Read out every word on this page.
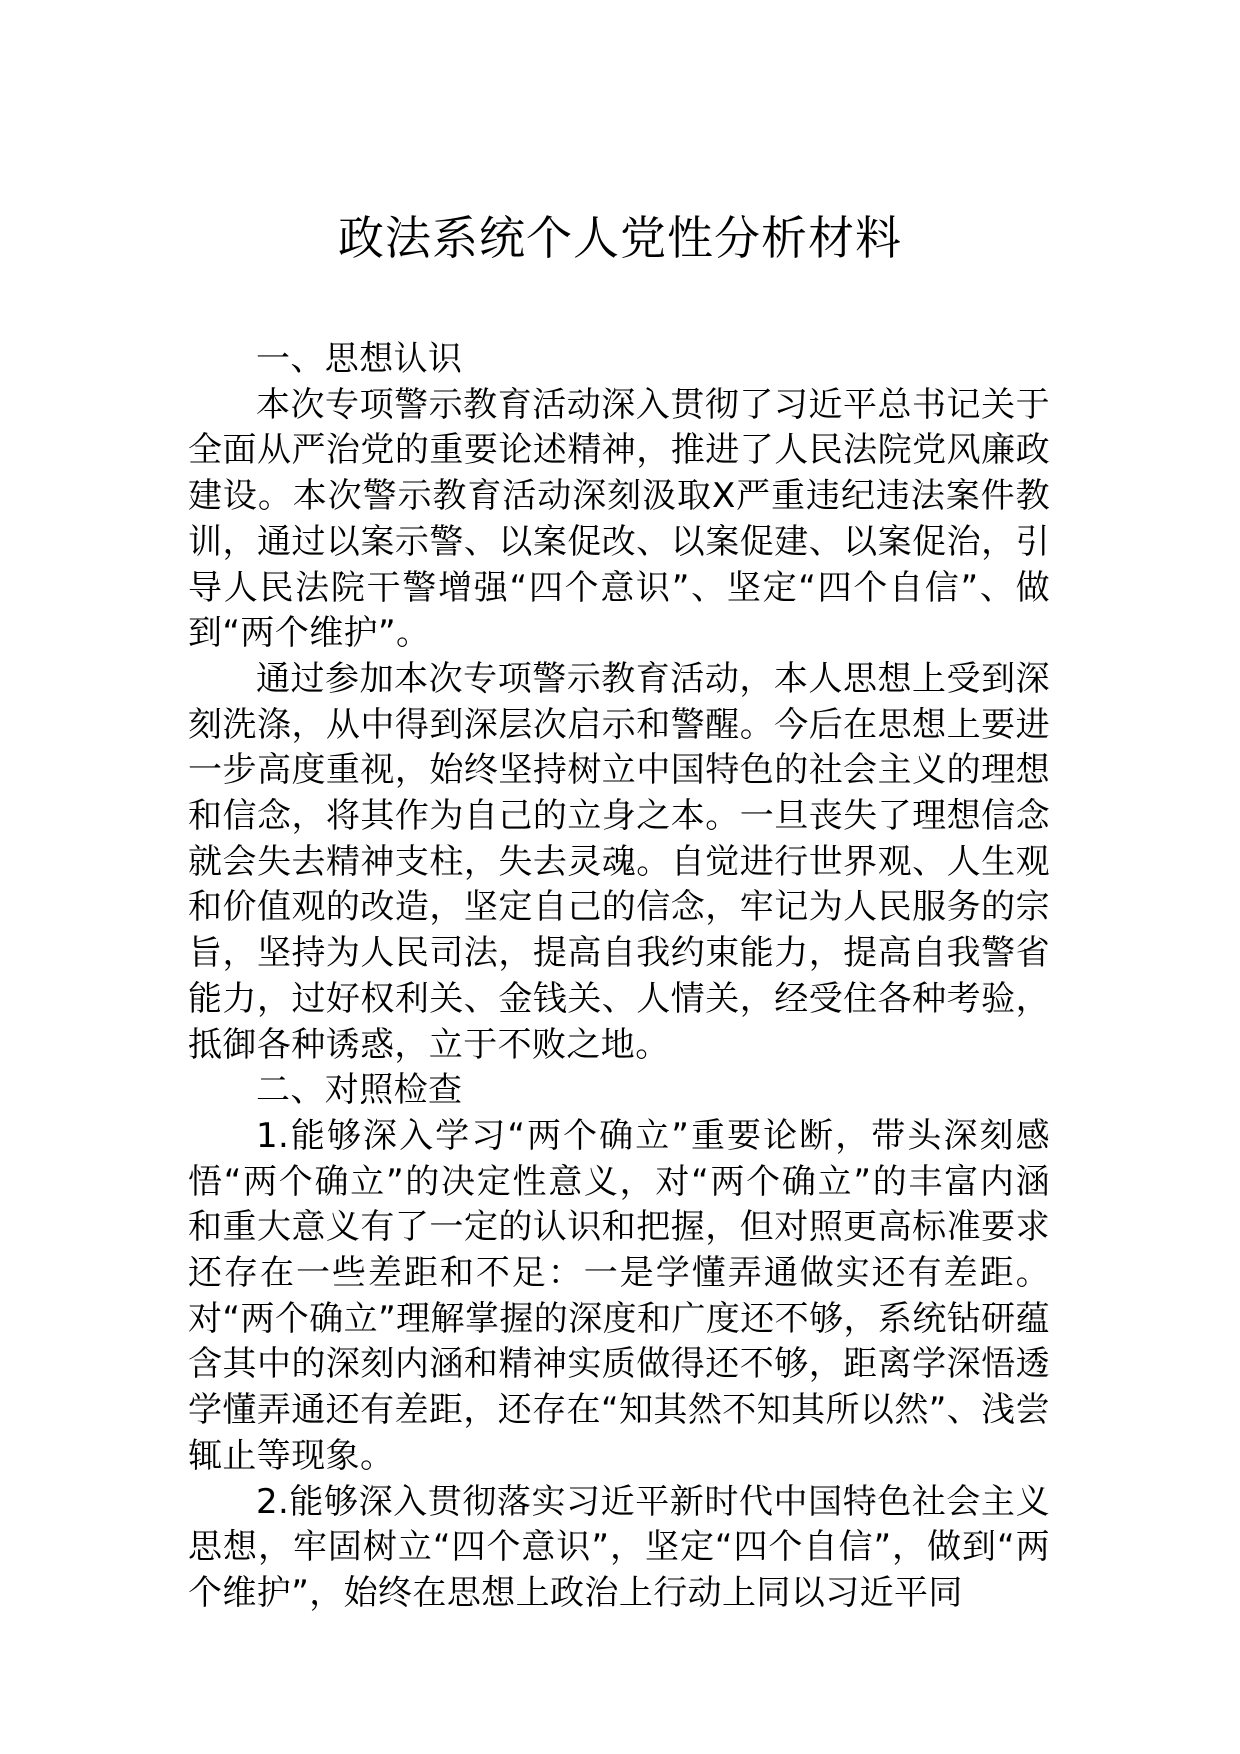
政法系统个人党性分析材料

一、思想认识

本次专项警示教育活动深入贯彻了习近平总书记关于全面从严治党的重要论述精神，推进了人民法院党风廉政建设。本次警示教育活动深刻汲取X严重违纪违法案件教训，通过以案示警、以案促改、以案促建、以案促治，引导人民法院干警增强“四个意识”、坚定“四个自信”、做到“两个维护”。

通过参加本次专项警示教育活动，本人思想上受到深刻洗涤，从中得到深层次启示和警醒。今后在思想上要进一步高度重视，始终坚持树立中国特色的社会主义的理想和信念，将其作为自己的立身之本。一旦丧失了理想信念就会失去精神支柱，失去灵魂。自觉进行世界观、人生观和价值观的改造，坚定自己的信念，牢记为人民服务的宗旨，坚持为人民司法，提高自我约束能力，提高自我警省能力，过好权利关、金钱关、人情关，经受住各种考验，抵御各种诱惑，立于不败之地。

二、对照检查

1.能够深入学习“两个确立”重要论断，带头深刻感悟“两个确立”的决定性意义，对“两个确立”的丰富内涵和重大意义有了一定的认识和把握，但对照更高标准要求还存在一些差距和不足：一是学懂弄通做实还有差距。对“两个确立”理解掌握的深度和广度还不够，系统钻研蕴含其中的深刻内涵和精神实质做得还不够，距离学深悟透学懂弄通还有差距，还存在“知其然不知其所以然”、浅尝辄止等现象。

2.能够深入贯彻落实习近平新时代中国特色社会主义思想，牢固树立“四个意识”，坚定“四个自信”，做到“两个维护”，始终在思想上政治上行动上同以习近平同
